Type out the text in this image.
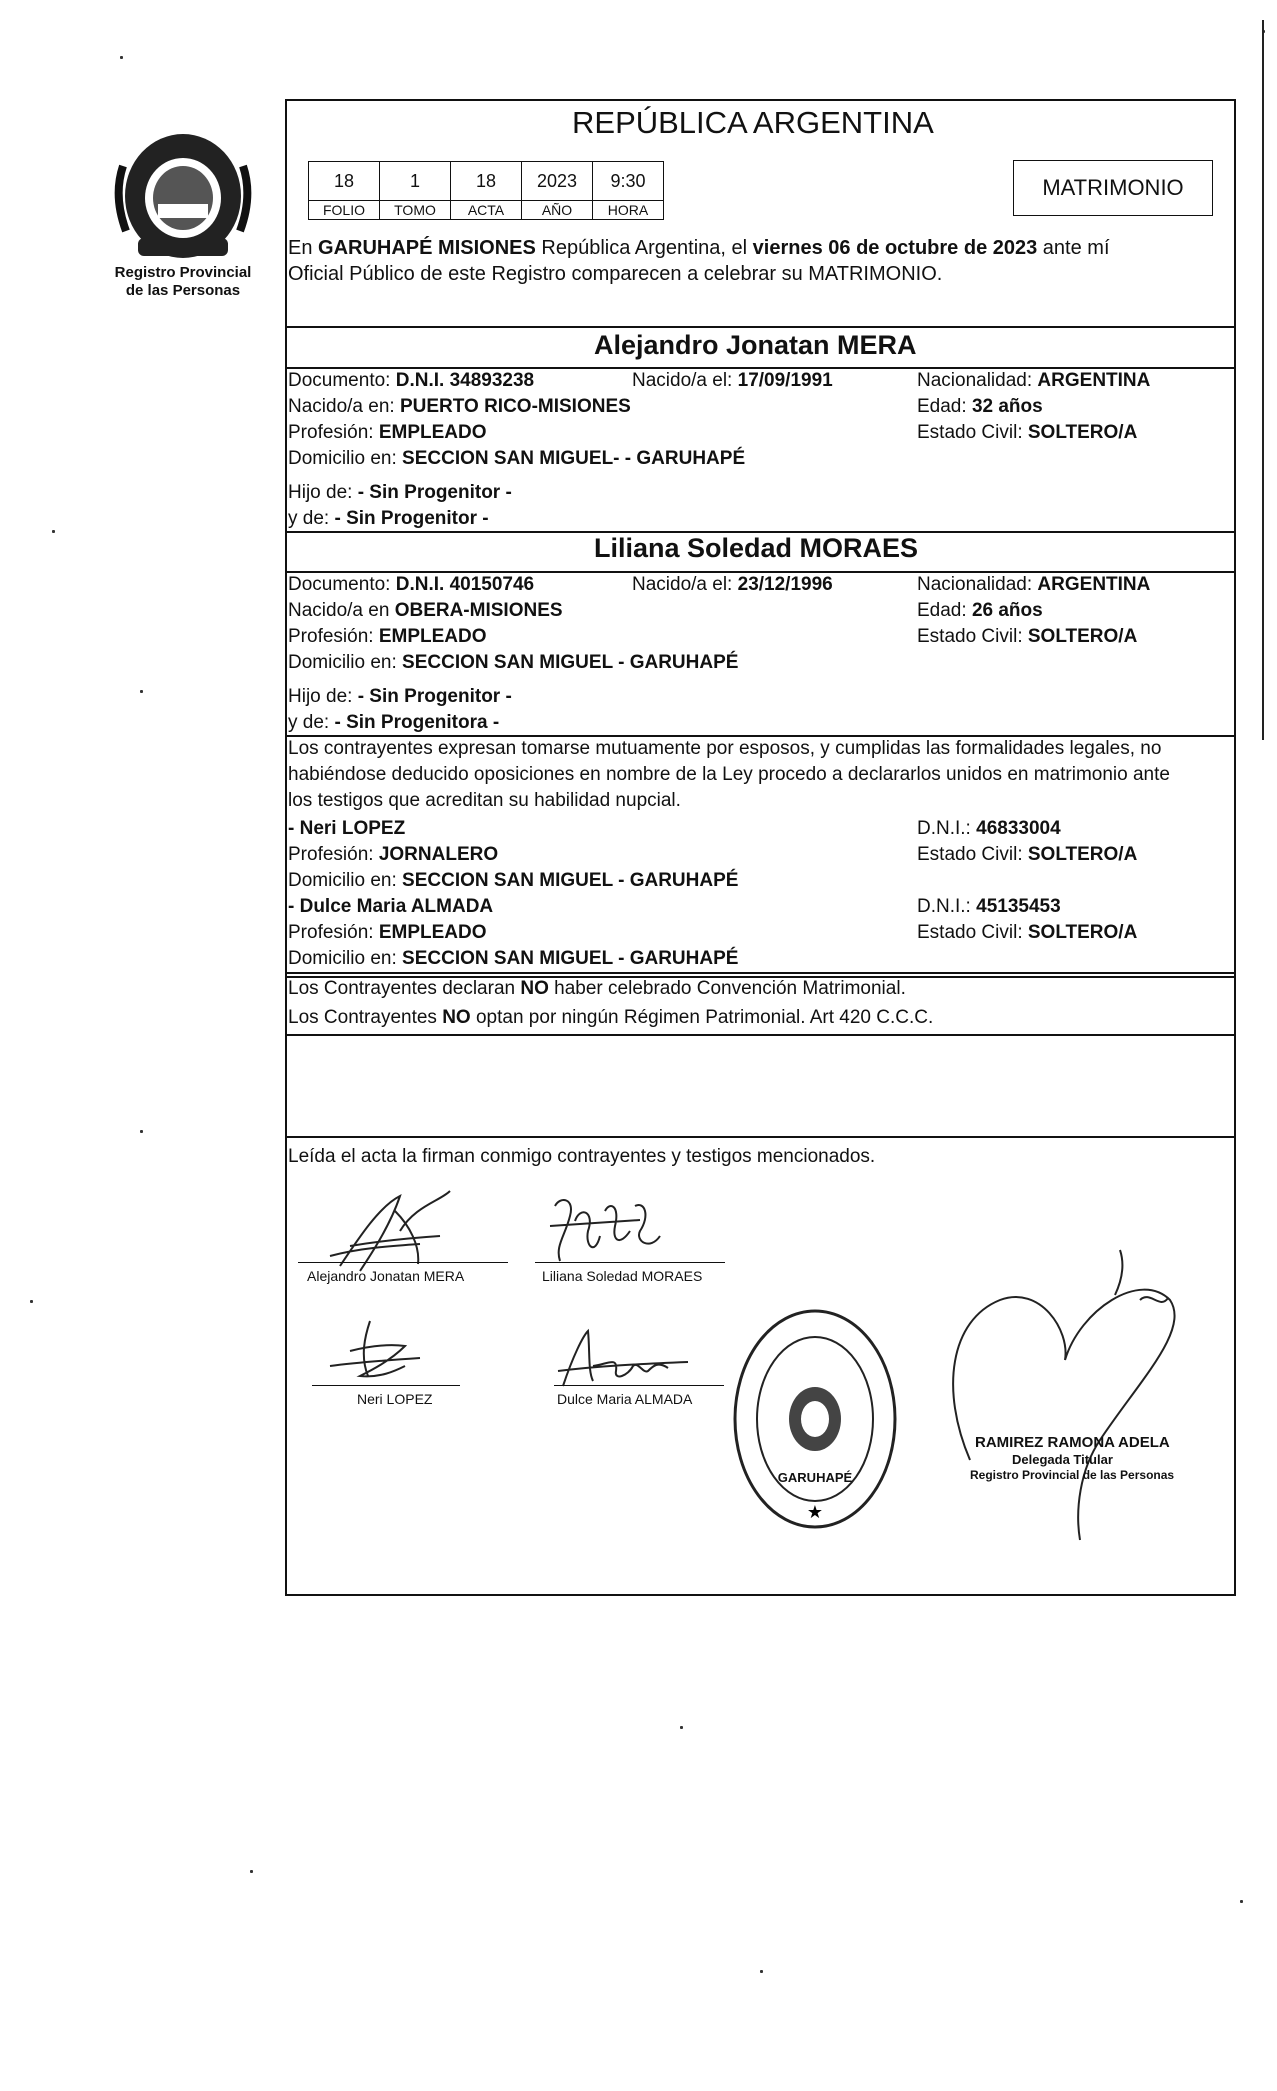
Registro Provincial
de las Personas
REPÚBLICA ARGENTINA
18	1	18	2023	9:30
FOLIO	TOMO	ACTA	AÑO	HORA
MATRIMONIO
En GARUHAPÉ MISIONES República Argentina, el viernes 06 de octubre de 2023 ante mí
Oficial Público de este Registro comparecen a celebrar su MATRIMONIO.
Alejandro Jonatan MERA
Documento: D.N.I. 34893238	Nacido/a el: 17/09/1991	Nacionalidad: ARGENTINA
Nacido/a en: PUERTO RICO-MISIONES	Edad: 32 años
Profesión: EMPLEADO	Estado Civil: SOLTERO/A
Domicilio en: SECCION SAN MIGUEL- - GARUHAPÉ
Hijo de: - Sin Progenitor -
y de: - Sin Progenitor -
Liliana Soledad MORAES
Documento: D.N.I. 40150746	Nacido/a el: 23/12/1996	Nacionalidad: ARGENTINA
Nacido/a en OBERA-MISIONES	Edad: 26 años
Profesión: EMPLEADO	Estado Civil: SOLTERO/A
Domicilio en: SECCION SAN MIGUEL - GARUHAPÉ
Hijo de: - Sin Progenitor -
y de: - Sin Progenitora -
Los contrayentes expresan tomarse mutuamente por esposos, y cumplidas las formalidades legales, no
habiéndose deducido oposiciones en nombre de la Ley procedo a declararlos unidos en matrimonio ante
los testigos que acreditan su habilidad nupcial.
- Neri LOPEZ	D.N.I.: 46833004
Profesión: JORNALERO	Estado Civil: SOLTERO/A
Domicilio en: SECCION SAN MIGUEL - GARUHAPÉ
- Dulce Maria ALMADA	D.N.I.: 45135453
Profesión: EMPLEADO	Estado Civil: SOLTERO/A
Domicilio en: SECCION SAN MIGUEL - GARUHAPÉ
Los Contrayentes declaran NO haber celebrado Convención Matrimonial.
Los Contrayentes NO optan por ningún Régimen Patrimonial. Art 420 C.C.C.
Leída el acta la firman conmigo contrayentes y testigos mencionados.
Alejandro Jonatan MERA	Liliana Soledad MORAES
Neri LOPEZ	Dulce Maria ALMADA
★
GARUHAPÉ
RAMIREZ RAMONA ADELA
Delegada Titular
Registro Provincial de las Personas
